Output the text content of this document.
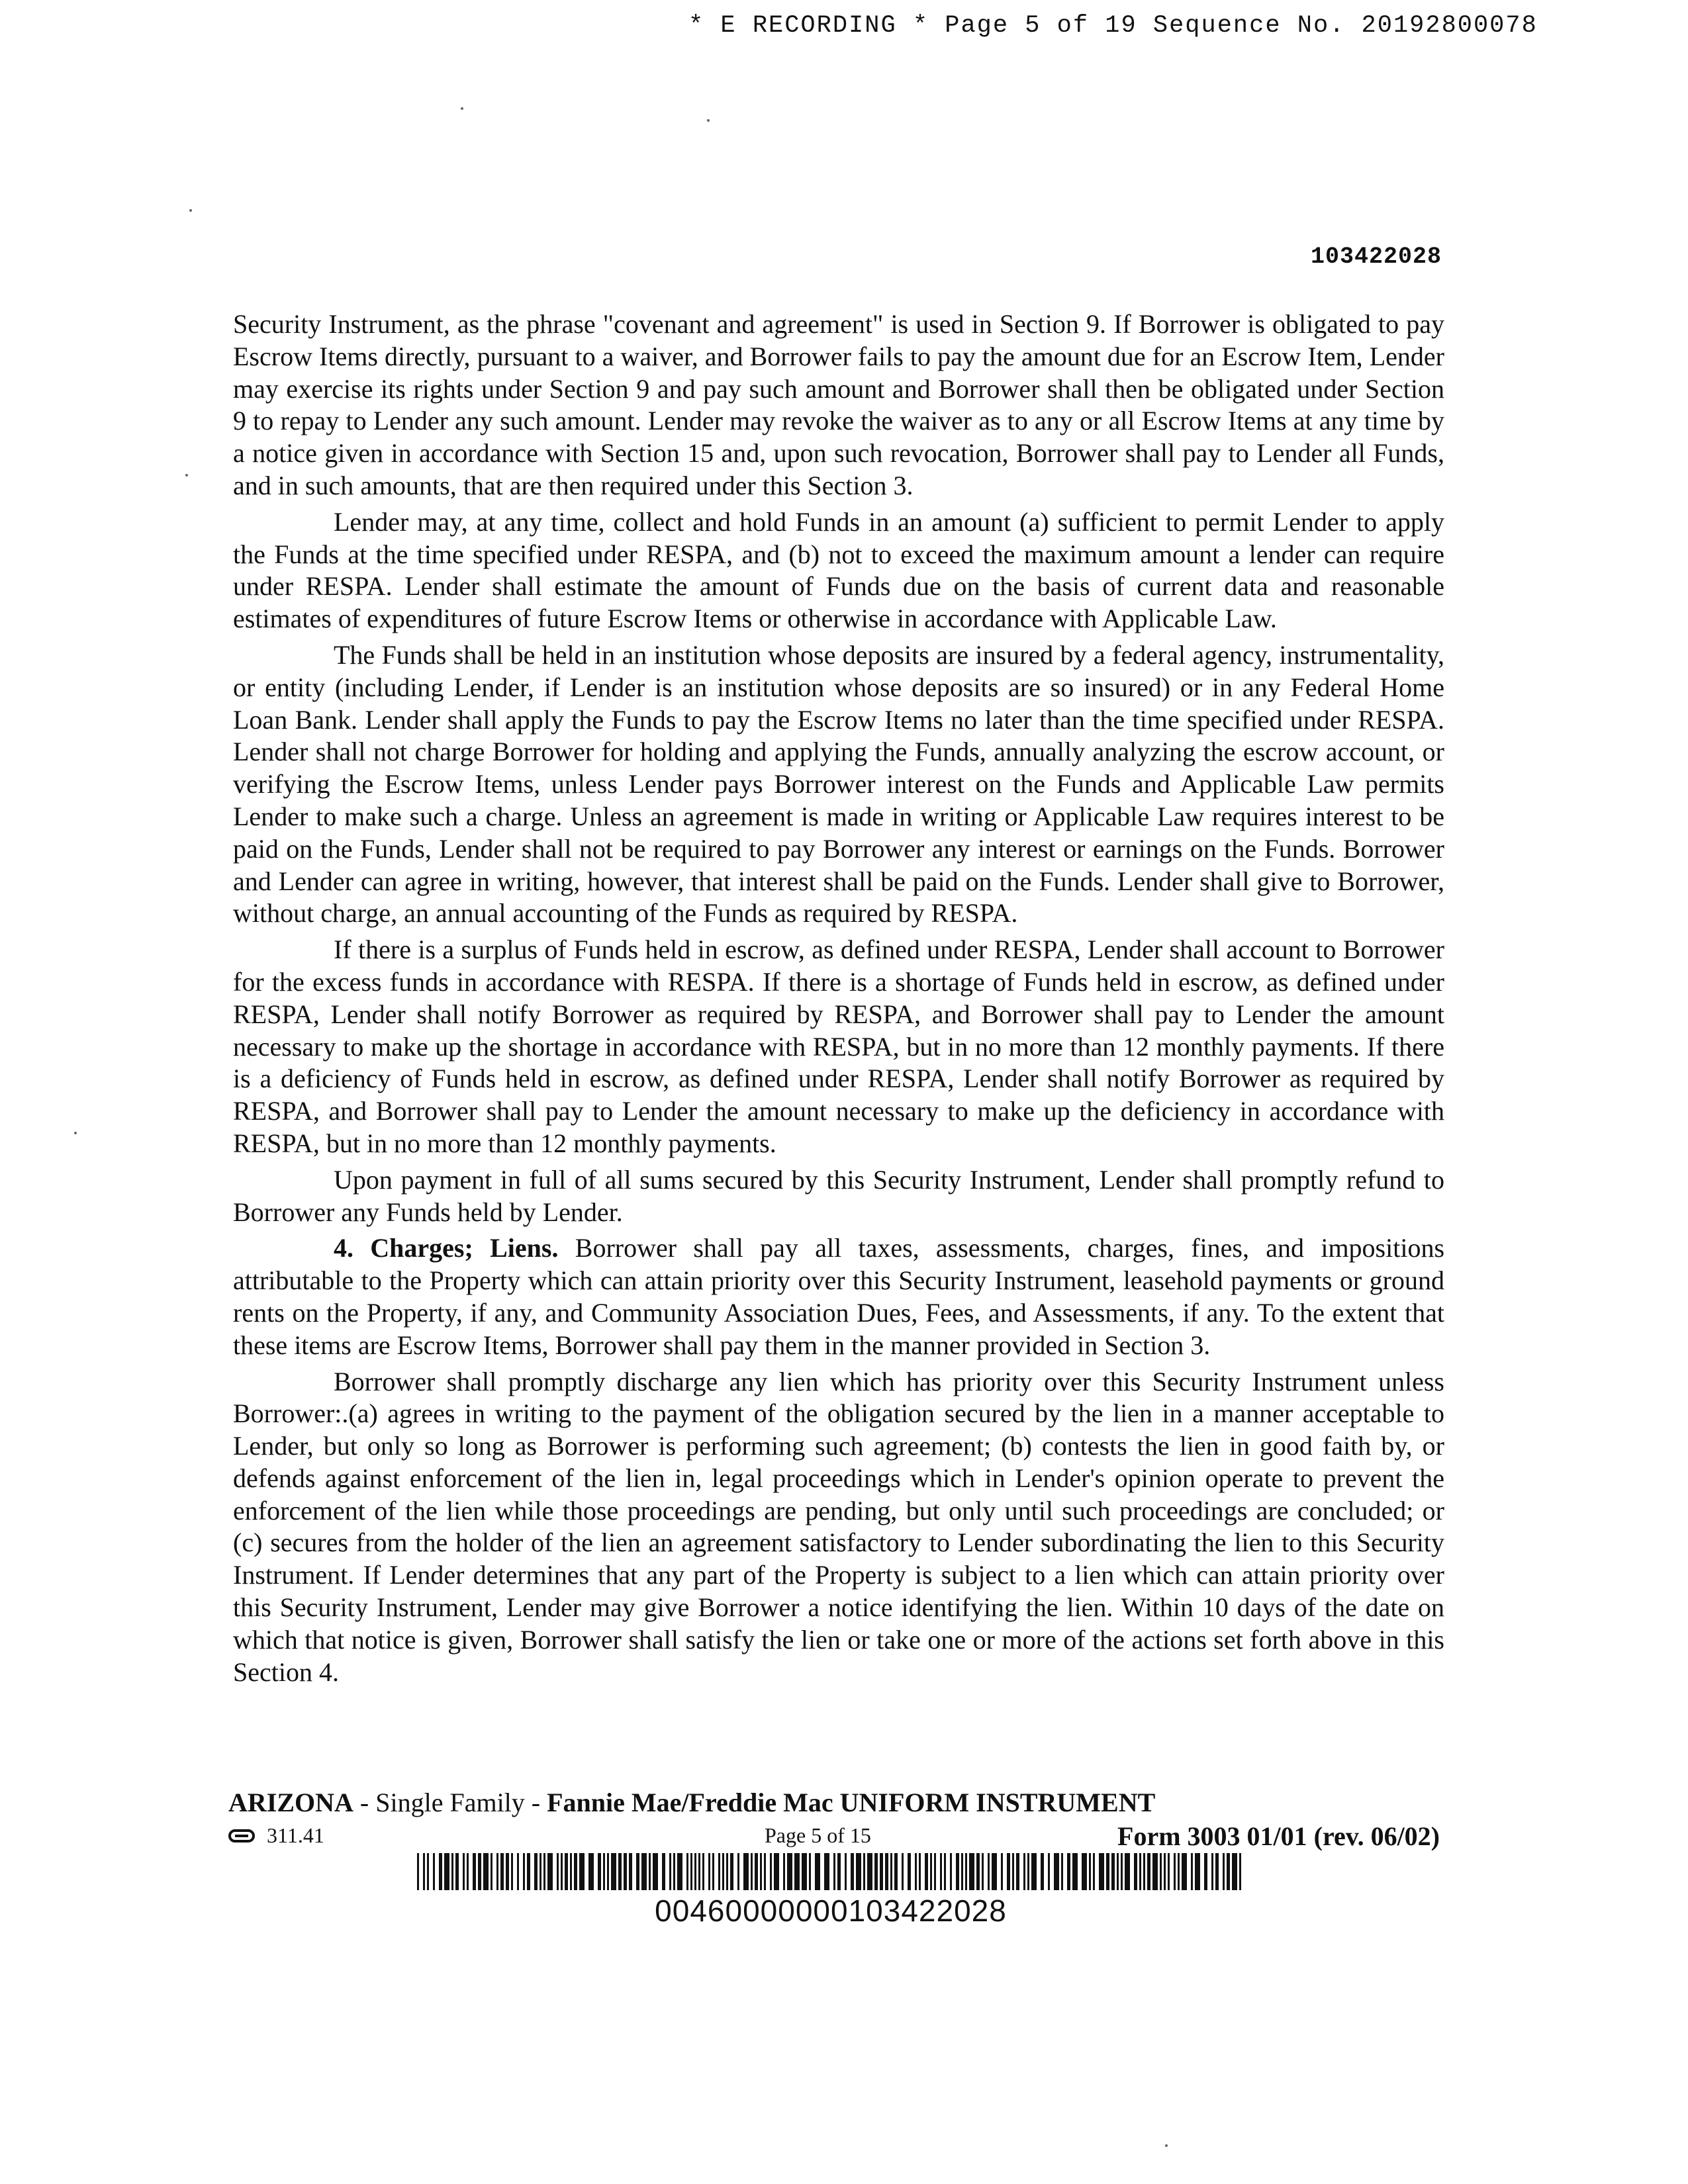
* E RECORDING * Page 5 of 19 Sequence No. 20192800078
103422028

Security Instrument, as the phrase "covenant and agreement" is used in Section 9. If Borrower is obligated to pay Escrow Items directly, pursuant to a waiver, and Borrower fails to pay the amount due for an Escrow Item, Lender may exercise its rights under Section 9 and pay such amount and Borrower shall then be obligated under Section 9 to repay to Lender any such amount. Lender may revoke the waiver as to any or all Escrow Items at any time by a notice given in accordance with Section 15 and, upon such revocation, Borrower shall pay to Lender all Funds, and in such amounts, that are then required under this Section 3.

Lender may, at any time, collect and hold Funds in an amount (a) sufficient to permit Lender to apply the Funds at the time specified under RESPA, and (b) not to exceed the maximum amount a lender can require under RESPA. Lender shall estimate the amount of Funds due on the basis of current data and reasonable estimates of expenditures of future Escrow Items or otherwise in accordance with Applicable Law.

The Funds shall be held in an institution whose deposits are insured by a federal agency, instrumentality, or entity (including Lender, if Lender is an institution whose deposits are so insured) or in any Federal Home Loan Bank. Lender shall apply the Funds to pay the Escrow Items no later than the time specified under RESPA. Lender shall not charge Borrower for holding and applying the Funds, annually analyzing the escrow account, or verifying the Escrow Items, unless Lender pays Borrower interest on the Funds and Applicable Law permits Lender to make such a charge. Unless an agreement is made in writing or Applicable Law requires interest to be paid on the Funds, Lender shall not be required to pay Borrower any interest or earnings on the Funds. Borrower and Lender can agree in writing, however, that interest shall be paid on the Funds. Lender shall give to Borrower, without charge, an annual accounting of the Funds as required by RESPA.

If there is a surplus of Funds held in escrow, as defined under RESPA, Lender shall account to Borrower for the excess funds in accordance with RESPA. If there is a shortage of Funds held in escrow, as defined under RESPA, Lender shall notify Borrower as required by RESPA, and Borrower shall pay to Lender the amount necessary to make up the shortage in accordance with RESPA, but in no more than 12 monthly payments. If there is a deficiency of Funds held in escrow, as defined under RESPA, Lender shall notify Borrower as required by RESPA, and Borrower shall pay to Lender the amount necessary to make up the deficiency in accordance with RESPA, but in no more than 12 monthly payments.

Upon payment in full of all sums secured by this Security Instrument, Lender shall promptly refund to Borrower any Funds held by Lender.

4. Charges; Liens. Borrower shall pay all taxes, assessments, charges, fines, and impositions attributable to the Property which can attain priority over this Security Instrument, leasehold payments or ground rents on the Property, if any, and Community Association Dues, Fees, and Assessments, if any. To the extent that these items are Escrow Items, Borrower shall pay them in the manner provided in Section 3.

Borrower shall promptly discharge any lien which has priority over this Security Instrument unless Borrower:.(a) agrees in writing to the payment of the obligation secured by the lien in a manner acceptable to Lender, but only so long as Borrower is performing such agreement; (b) contests the lien in good faith by, or defends against enforcement of the lien in, legal proceedings which in Lender's opinion operate to prevent the enforcement of the lien while those proceedings are pending, but only until such proceedings are concluded; or (c) secures from the holder of the lien an agreement satisfactory to Lender subordinating the lien to this Security Instrument. If Lender determines that any part of the Property is subject to a lien which can attain priority over this Security Instrument, Lender may give Borrower a notice identifying the lien. Within 10 days of the date on which that notice is given, Borrower shall satisfy the lien or take one or more of the actions set forth above in this Section 4.

ARIZONA - Single Family - Fannie Mae/Freddie Mac UNIFORM INSTRUMENT
311.41	Page 5 of 15	Form 3003 01/01 (rev. 06/02)
00460000000103422028
